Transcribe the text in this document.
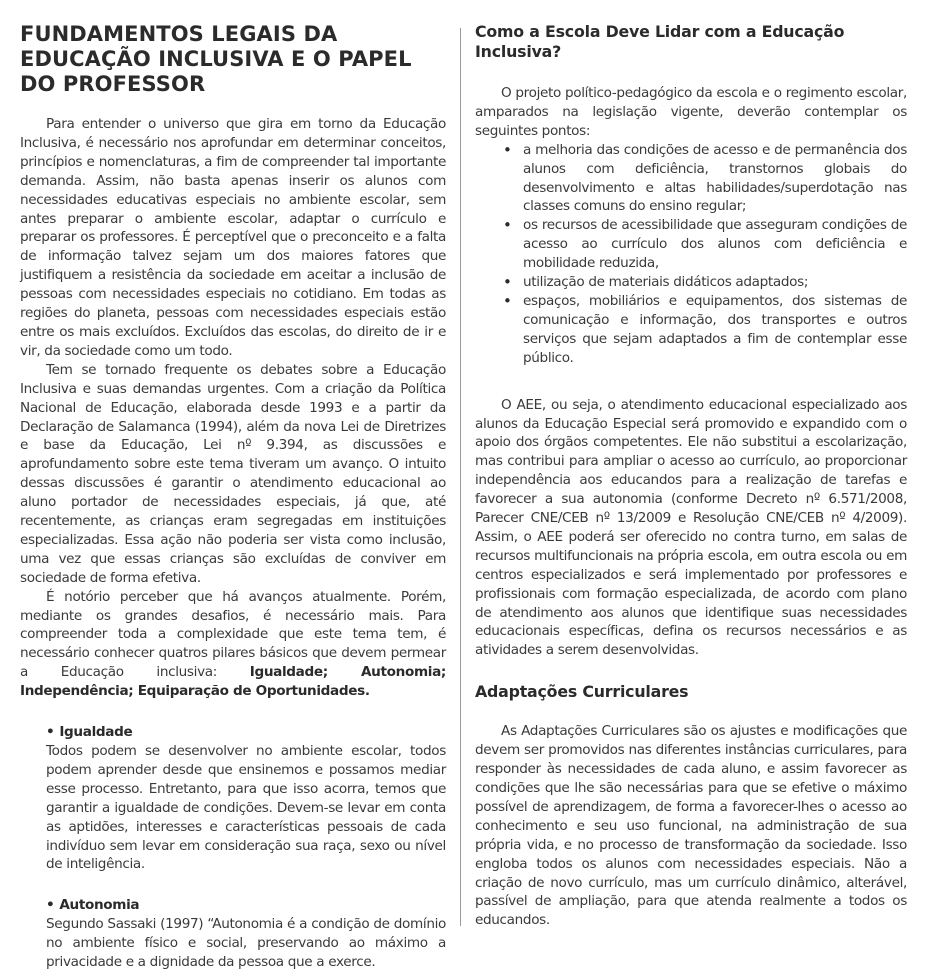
FUNDAMENTOS LEGAIS DA EDUCAÇÃO INCLUSIVA E O PAPEL DO PROFESSOR

Para entender o universo que gira em torno da Educação Inclusiva, é necessário nos aprofundar em determinar conceitos, princípios e nomenclaturas, a fim de compreender tal importante demanda. Assim, não basta apenas inserir os alunos com necessidades educativas especiais no ambiente escolar, sem antes preparar o ambiente escolar, adaptar o currículo e preparar os professores. É perceptível que o preconceito e a falta de informação talvez sejam um dos maiores fatores que justifiquem a resistência da sociedade em aceitar a inclusão de pessoas com necessidades especiais no cotidiano. Em todas as regiões do planeta, pessoas com necessidades especiais estão entre os mais excluídos. Excluídos das escolas, do direito de ir e vir, da sociedade como um todo.

Tem se tornado frequente os debates sobre a Educação Inclusiva e suas demandas urgentes. Com a criação da Política Nacional de Educação, elaborada desde 1993 e a partir da Declaração de Salamanca (1994), além da nova Lei de Diretrizes e base da Educação, Lei nº 9.394, as discussões e aprofundamento sobre este tema tiveram um avanço. O intuito dessas discussões é garantir o atendimento educacional ao aluno portador de necessidades especiais, já que, até recentemente, as crianças eram segregadas em instituições especializadas. Essa ação não poderia ser vista como inclusão, uma vez que essas crianças são excluídas de conviver em sociedade de forma efetiva.

É notório perceber que há avanços atualmente. Porém, mediante os grandes desafios, é necessário mais. Para compreender toda a complexidade que este tema tem, é necessário conhecer quatros pilares básicos que devem permear a Educação inclusiva: Igualdade; Autonomia; Independência; Equiparação de Oportunidades.

• Igualdade

Todos podem se desenvolver no ambiente escolar, todos podem aprender desde que ensinemos e possamos mediar esse processo. Entretanto, para que isso acorra, temos que garantir a igualdade de condições. Devem-se levar em conta as aptidões, interesses e características pessoais de cada indivíduo sem levar em consideração sua raça, sexo ou nível de inteligência.

• Autonomia

Segundo Sassaki (1997) “Autonomia é a condição de domínio no ambiente físico e social, preservando ao máximo a privacidade e a dignidade da pessoa que a exerce.

Como a Escola Deve Lidar com a Educação Inclusiva?

O projeto político-pedagógico da escola e o regimento escolar, amparados na legislação vigente, deverão contemplar os seguintes pontos:

• a melhoria das condições de acesso e de permanência dos alunos com deficiência, transtornos globais do desenvolvimento e altas habilidades/superdotação nas classes comuns do ensino regular;
• os recursos de acessibilidade que asseguram condições de acesso ao currículo dos alunos com deficiência e mobilidade reduzida,
• utilização de materiais didáticos adaptados;
• espaços, mobiliários e equipamentos, dos sistemas de comunicação e informação, dos transportes e outros serviços que sejam adaptados a fim de contemplar esse público.

O AEE, ou seja, o atendimento educacional especializado aos alunos da Educação Especial será promovido e expandido com o apoio dos órgãos competentes. Ele não substitui a escolarização, mas contribui para ampliar o acesso ao currículo, ao proporcionar independência aos educandos para a realização de tarefas e favorecer a sua autonomia (conforme Decreto nº 6.571/2008, Parecer CNE/CEB nº 13/2009 e Resolução CNE/CEB nº 4/2009). Assim, o AEE poderá ser oferecido no contra turno, em salas de recursos multifuncionais na própria escola, em outra escola ou em centros especializados e será implementado por professores e profissionais com formação especializada, de acordo com plano de atendimento aos alunos que identifique suas necessidades educacionais específicas, defina os recursos necessários e as atividades a serem desenvolvidas.

Adaptações Curriculares

As Adaptações Curriculares são os ajustes e modificações que devem ser promovidos nas diferentes instâncias curriculares, para responder às necessidades de cada aluno, e assim favorecer as condições que lhe são necessárias para que se efetive o máximo possível de aprendizagem, de forma a favorecer-lhes o acesso ao conhecimento e seu uso funcional, na administração de sua própria vida, e no processo de transformação da sociedade. Isso engloba todos os alunos com necessidades especiais. Não a criação de novo currículo, mas um currículo dinâmico, alterável, passível de ampliação, para que atenda realmente a todos os educandos.
